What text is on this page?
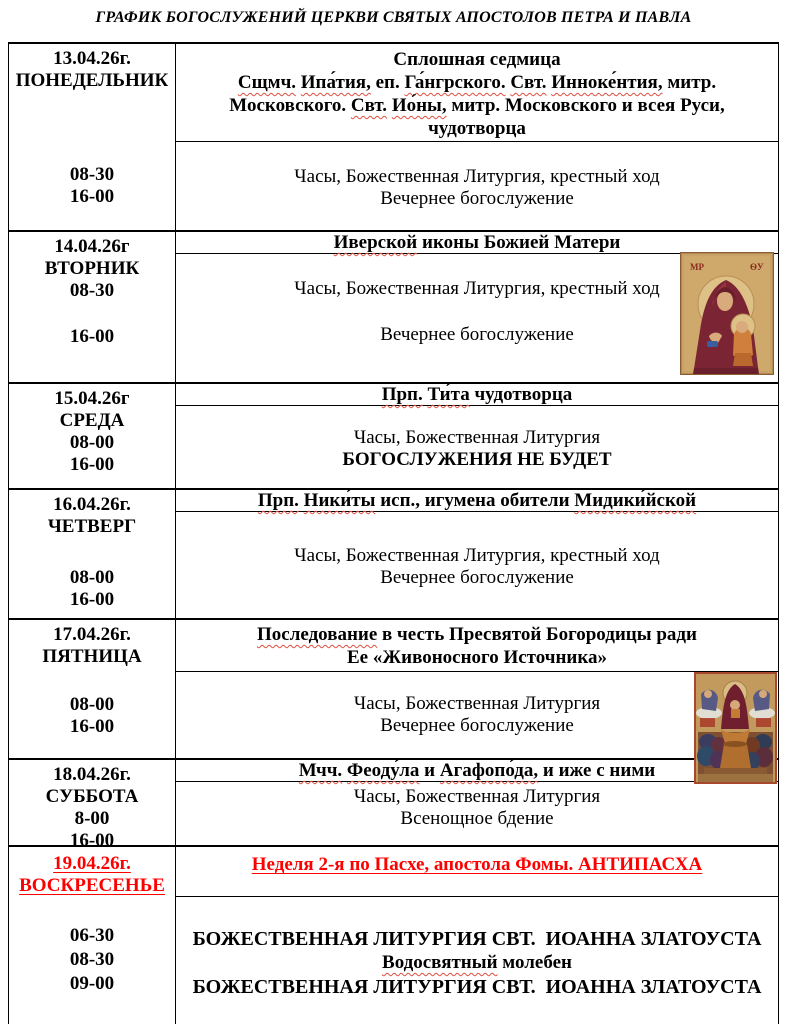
ГРАФИК БОГОСЛУЖЕНИЙ ЦЕРКВИ СВЯТЫХ АПОСТОЛОВ ПЕТРА И ПАВЛА
13.04.26г.
ПОНЕДЕЛЬНИК
08-30
16-00
Сплошная седмица
Сщмч. Ипа́тия, еп. Га́нгрского. Свт. Инноке́нтия, митр.
Московского. Свт. Ио́ны, митр. Московского и всея Руси,
чудотворца
Часы, Божественная Литургия, крестный ход
Вечернее богослужение
14.04.26г
ВТОРНИК
08-30
16-00
Иверской иконы Божией Матери
Часы, Божественная Литургия, крестный ход
Вечернее богослужение
15.04.26г
СРЕДА
08-00
16-00
Прп. Ти́та чудотворца
Часы, Божественная Литургия
БОГОСЛУЖЕНИЯ НЕ БУДЕТ
16.04.26г.
ЧЕТВЕРГ
08-00
16-00
Прп. Ники́ты исп., игумена обители Мидики́йской
Часы, Божественная Литургия, крестный ход
Вечернее богослужение
17.04.26г.
ПЯТНИЦА
08-00
16-00
Последование в честь Пресвятой Богородицы ради
Ее «Живоносного Источника»
Часы, Божественная Литургия
Вечернее богослужение
18.04.26г.
СУББОТА
8-00
16-00
Мчч. Феоду́ла и Агафопо́да, и иже с ними
Часы, Божественная Литургия
Всенощное бдение
19.04.26г.
ВОСКРЕСЕНЬЕ
06-30
08-30
09-00
Неделя 2-я по Пасхе, апостола Фомы. АНТИПАСХА
БОЖЕСТВЕННАЯ ЛИТУРГИЯ СВТ.  ИОАННА ЗЛАТОУСТА
Водосвятный молебен
БОЖЕСТВЕННАЯ ЛИТУРГИЯ СВТ.  ИОАННА ЗЛАТОУСТА
МР	ѲУ
